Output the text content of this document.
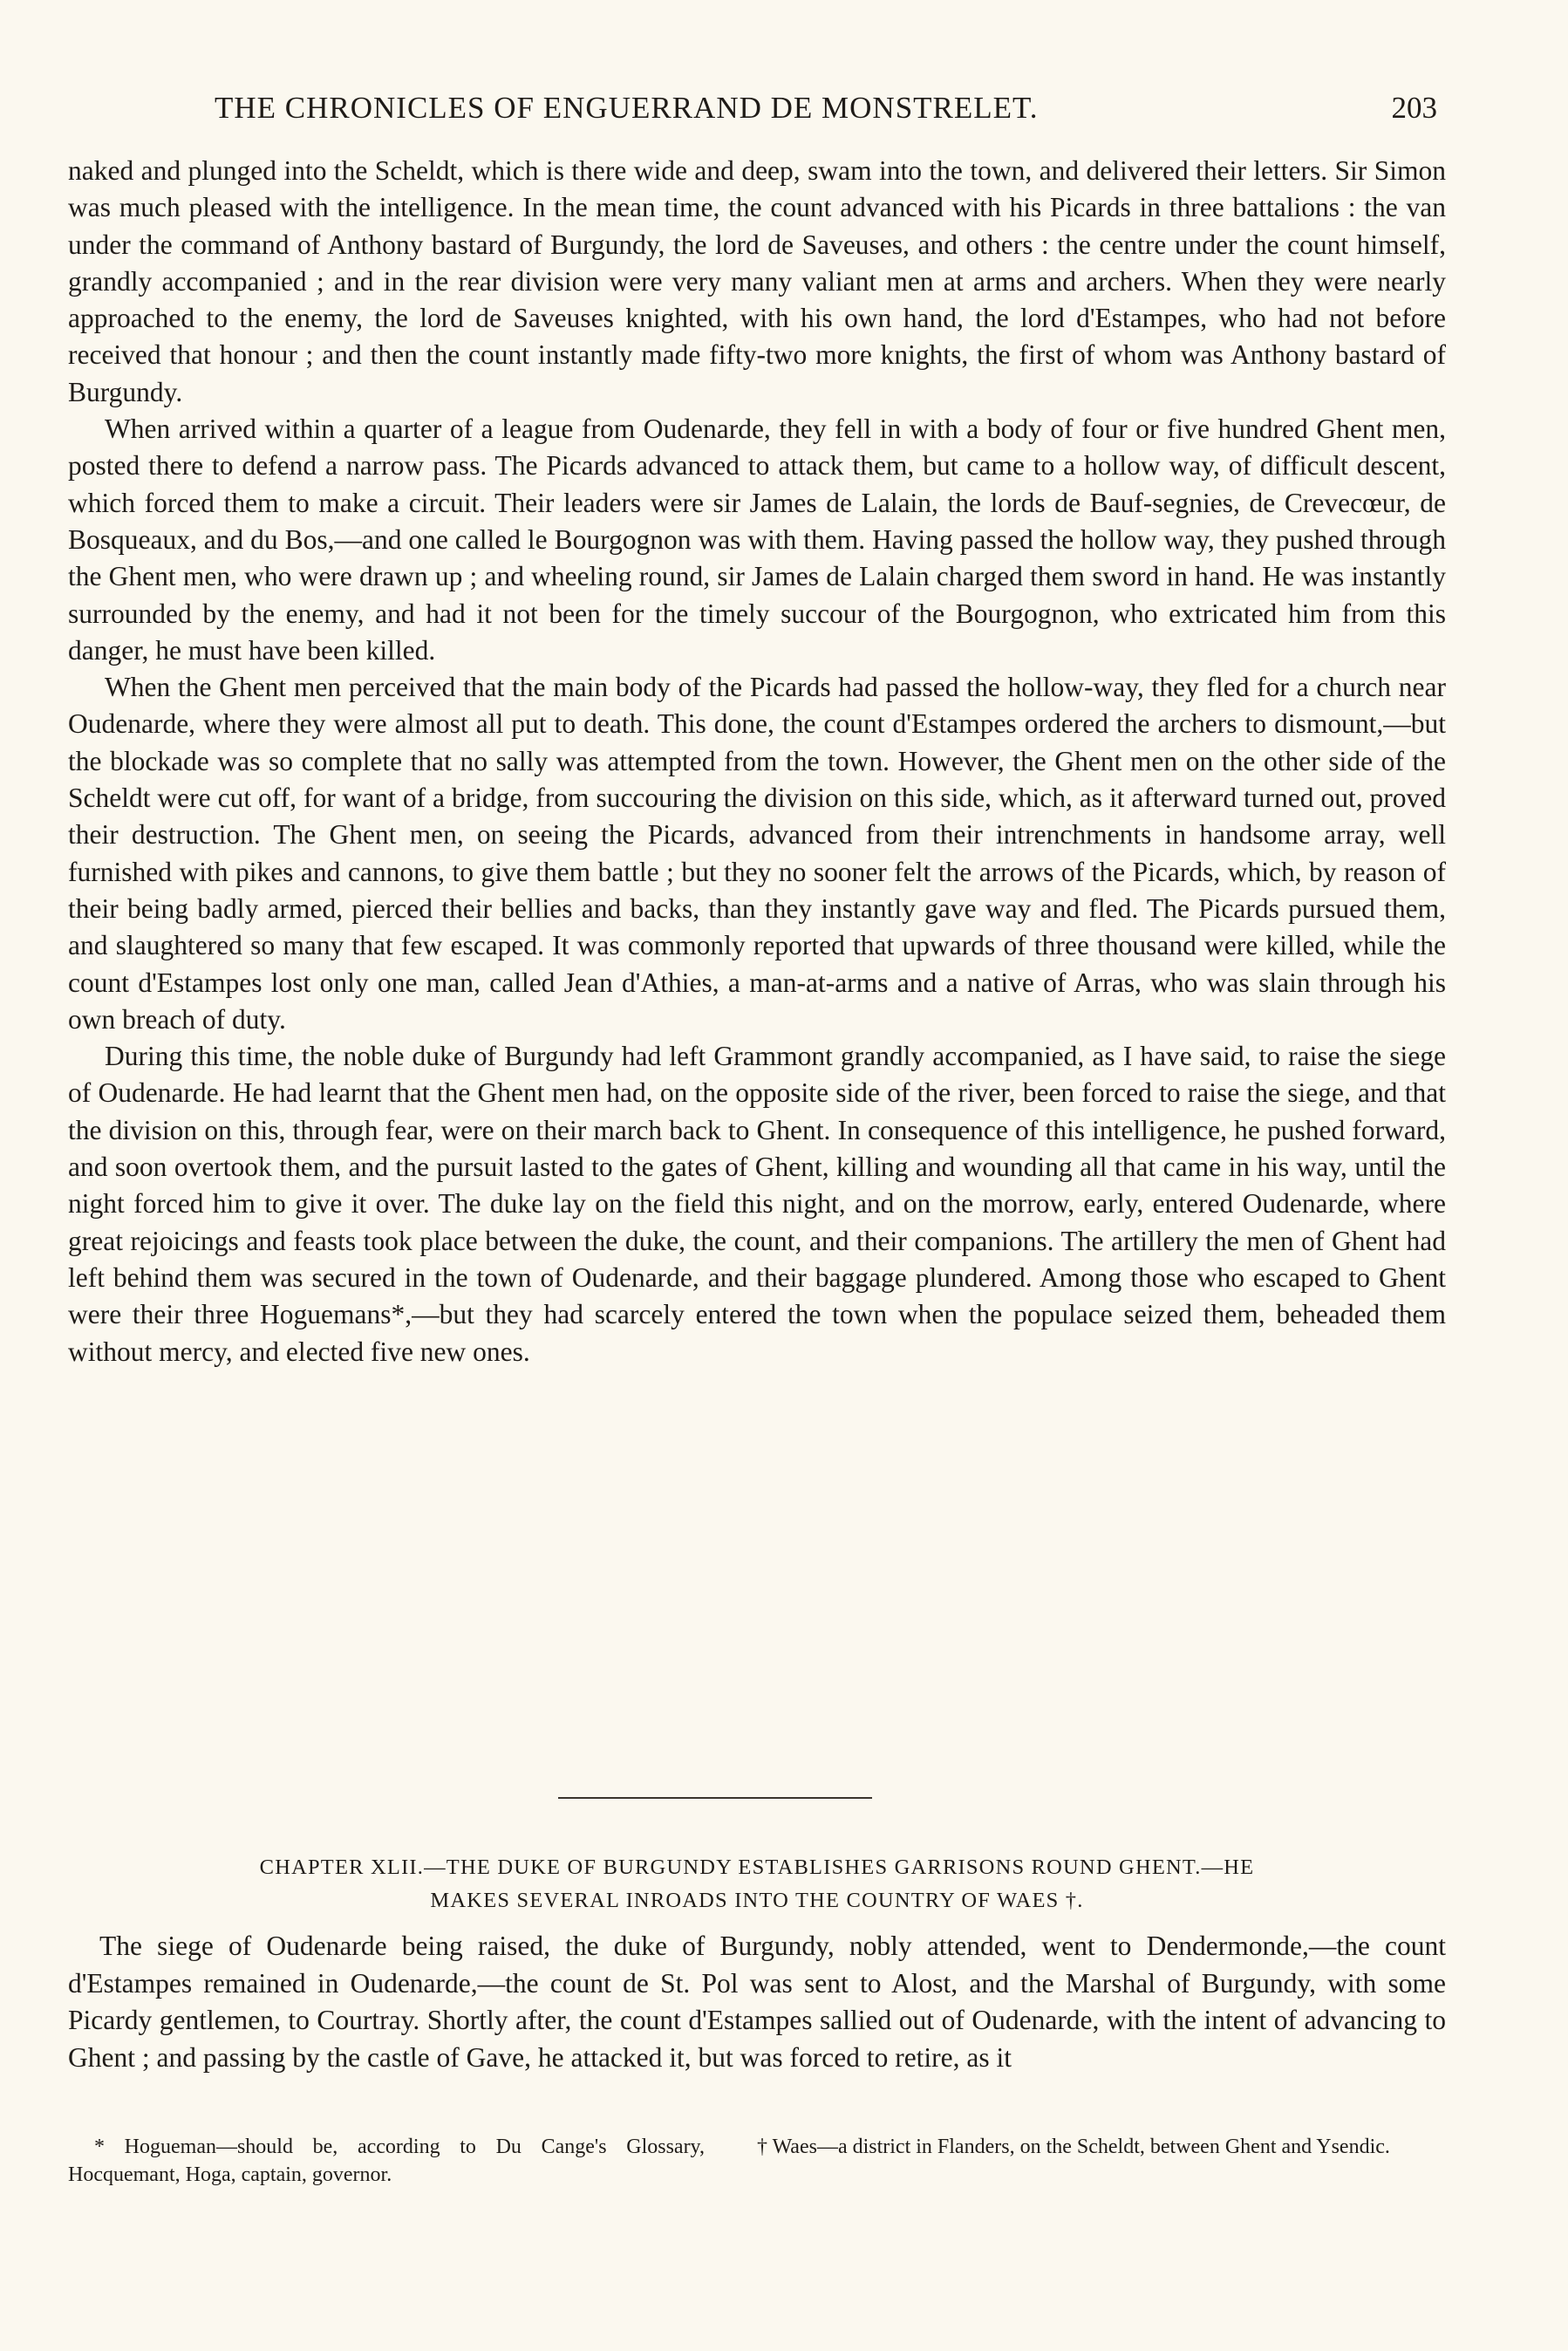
THE CHRONICLES OF ENGUERRAND DE MONSTRELET.	203

naked and plunged into the Scheldt, which is there wide and deep, swam into the town, and delivered their letters. Sir Simon was much pleased with the intelligence. In the mean time, the count advanced with his Picards in three battalions : the van under the command of Anthony bastard of Burgundy, the lord de Saveuses, and others : the centre under the count himself, grandly accompanied ; and in the rear division were very many valiant men at arms and archers. When they were nearly approached to the enemy, the lord de Saveuses knighted, with his own hand, the lord d'Estampes, who had not before received that honour ; and then the count instantly made fifty-two more knights, the first of whom was Anthony bastard of Burgundy.

When arrived within a quarter of a league from Oudenarde, they fell in with a body of four or five hundred Ghent men, posted there to defend a narrow pass. The Picards advanced to attack them, but came to a hollow way, of difficult descent, which forced them to make a circuit. Their leaders were sir James de Lalain, the lords de Bauf-segnies, de Crevecœur, de Bosqueaux, and du Bos,—and one called le Bourgognon was with them. Having passed the hollow way, they pushed through the Ghent men, who were drawn up ; and wheeling round, sir James de Lalain charged them sword in hand. He was instantly surrounded by the enemy, and had it not been for the timely succour of the Bourgognon, who extricated him from this danger, he must have been killed.

When the Ghent men perceived that the main body of the Picards had passed the hollow-way, they fled for a church near Oudenarde, where they were almost all put to death. This done, the count d'Estampes ordered the archers to dismount,—but the blockade was so complete that no sally was attempted from the town. However, the Ghent men on the other side of the Scheldt were cut off, for want of a bridge, from succouring the division on this side, which, as it afterward turned out, proved their destruction. The Ghent men, on seeing the Picards, advanced from their intrenchments in handsome array, well furnished with pikes and cannons, to give them battle ; but they no sooner felt the arrows of the Picards, which, by reason of their being badly armed, pierced their bellies and backs, than they instantly gave way and fled. The Picards pursued them, and slaughtered so many that few escaped. It was commonly reported that upwards of three thousand were killed, while the count d'Estampes lost only one man, called Jean d'Athies, a man-at-arms and a native of Arras, who was slain through his own breach of duty.

During this time, the noble duke of Burgundy had left Grammont grandly accompanied, as I have said, to raise the siege of Oudenarde. He had learnt that the Ghent men had, on the opposite side of the river, been forced to raise the siege, and that the division on this, through fear, were on their march back to Ghent. In consequence of this intelligence, he pushed forward, and soon overtook them, and the pursuit lasted to the gates of Ghent, killing and wounding all that came in his way, until the night forced him to give it over. The duke lay on the field this night, and on the morrow, early, entered Oudenarde, where great rejoicings and feasts took place between the duke, the count, and their companions. The artillery the men of Ghent had left behind them was secured in the town of Oudenarde, and their baggage plundered. Among those who escaped to Ghent were their three Hoguemans*,—but they had scarcely entered the town when the populace seized them, beheaded them without mercy, and elected five new ones.

CHAPTER XLII.—THE DUKE OF BURGUNDY ESTABLISHES GARRISONS ROUND GHENT.—HE
MAKES SEVERAL INROADS INTO THE COUNTRY OF WAES †.

The siege of Oudenarde being raised, the duke of Burgundy, nobly attended, went to Dendermonde,—the count d'Estampes remained in Oudenarde,—the count de St. Pol was sent to Alost, and the Marshal of Burgundy, with some Picardy gentlemen, to Courtray. Shortly after, the count d'Estampes sallied out of Oudenarde, with the intent of advancing to Ghent ; and passing by the castle of Gave, he attacked it, but was forced to retire, as it

* Hogueman—should be, according to Du Cange's Glossary, Hocquemant, Hoga, captain, governor.
† Waes—a district in Flanders, on the Scheldt, between Ghent and Ysendic.
